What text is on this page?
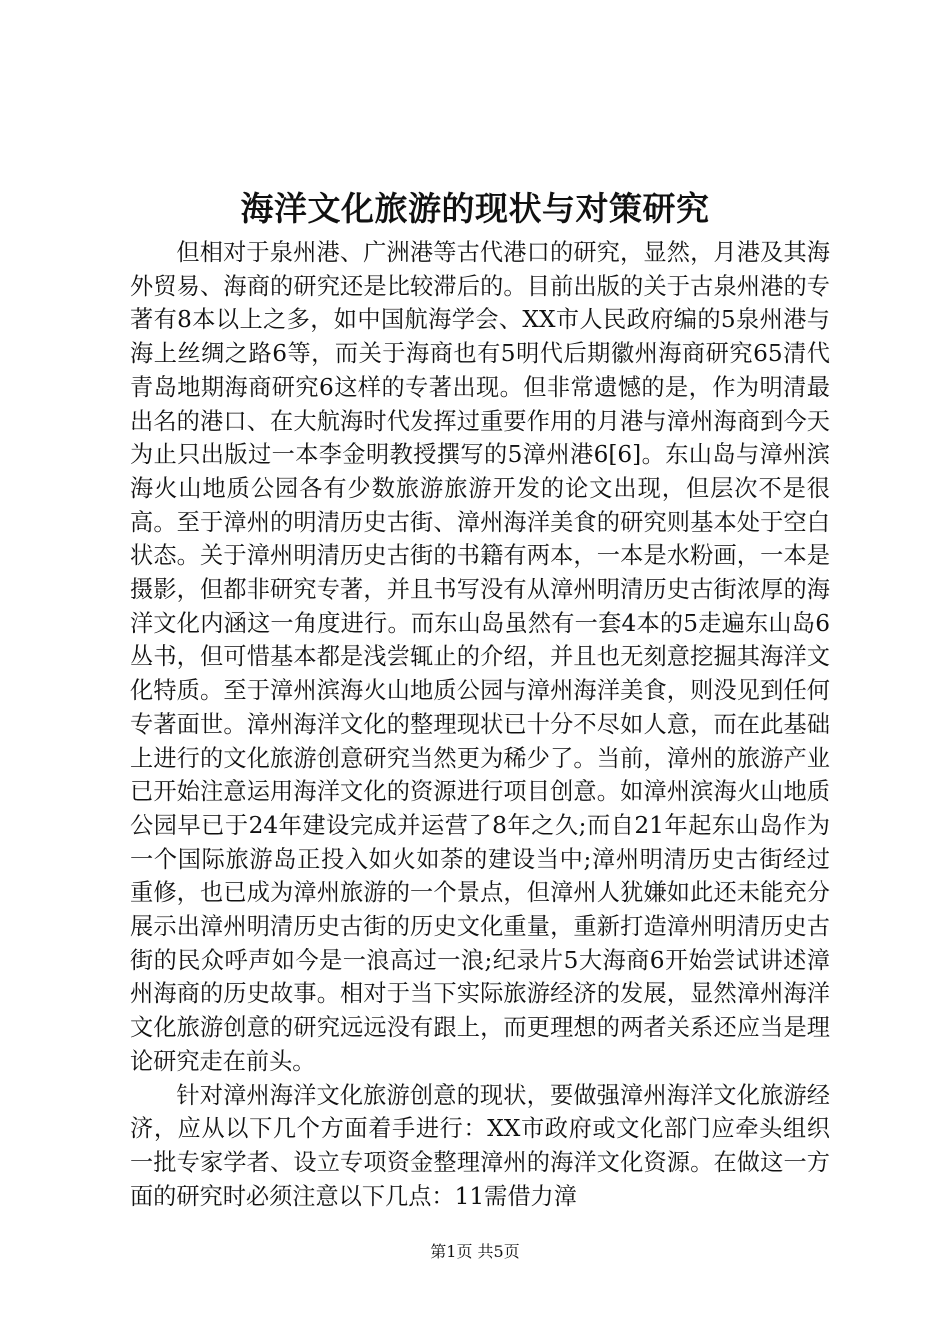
海洋文化旅游的现状与对策研究

但相对于泉州港、广洲港等古代港口的研究，显然，月港及其海外贸易、海商的研究还是比较滞后的。目前出版的关于古泉州港的专著有8本以上之多，如中国航海学会、XX市人民政府编的5泉州港与海上丝绸之路6等，而关于海商也有5明代后期徽州海商研究65清代青岛地期海商研究6这样的专著出现。但非常遗憾的是，作为明清最出名的港口、在大航海时代发挥过重要作用的月港与漳州海商到今天为止只出版过一本李金明教授撰写的5漳州港6[6]。东山岛与漳州滨海火山地质公园各有少数旅游旅游开发的论文出现，但层次不是很高。至于漳州的明清历史古街、漳州海洋美食的研究则基本处于空白状态。关于漳州明清历史古街的书籍有两本，一本是水粉画，一本是摄影，但都非研究专著，并且书写没有从漳州明清历史古街浓厚的海洋文化内涵这一角度进行。而东山岛虽然有一套4本的5走遍东山岛6丛书，但可惜基本都是浅尝辄止的介绍，并且也无刻意挖掘其海洋文化特质。至于漳州滨海火山地质公园与漳州海洋美食，则没见到任何专著面世。漳州海洋文化的整理现状已十分不尽如人意，而在此基础上进行的文化旅游创意研究当然更为稀少了。当前，漳州的旅游产业已开始注意运用海洋文化的资源进行项目创意。如漳州滨海火山地质公园早已于24年建设完成并运营了8年之久;而自21年起东山岛作为一个国际旅游岛正投入如火如荼的建设当中;漳州明清历史古街经过重修，也已成为漳州旅游的一个景点，但漳州人犹嫌如此还未能充分展示出漳州明清历史古街的历史文化重量，重新打造漳州明清历史古街的民众呼声如今是一浪高过一浪;纪录片5大海商6开始尝试讲述漳州海商的历史故事。相对于当下实际旅游经济的发展，显然漳州海洋文化旅游创意的研究远远没有跟上，而更理想的两者关系还应当是理论研究走在前头。

针对漳州海洋文化旅游创意的现状，要做强漳州海洋文化旅游经济，应从以下几个方面着手进行：XX市政府或文化部门应牵头组织一批专家学者、设立专项资金整理漳州的海洋文化资源。在做这一方面的研究时必须注意以下几点：11需借力漳

第1页 共5页
